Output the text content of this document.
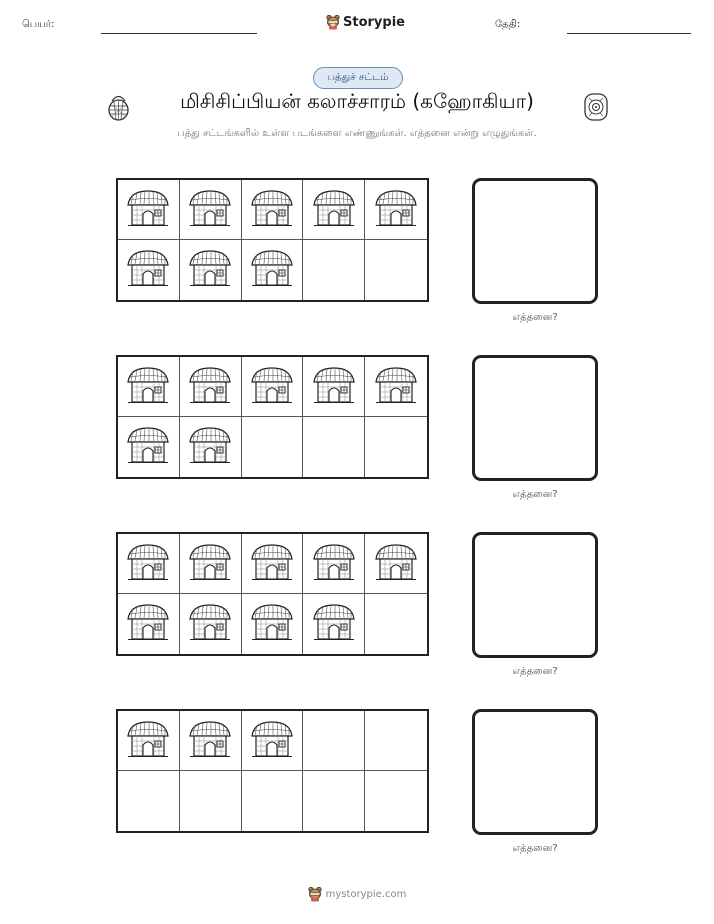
பெயர்:	Storypie	தேதி:
பத்துச் சட்டம்
மிசிசிப்பியன் கலாச்சாரம் (கஹோகியா)
பத்து சட்டங்களில் உள்ள படங்களை எண்ணுங்கள். எத்தனை என்று எழுதுங்கள்.
எத்தனை?
எத்தனை?
எத்தனை?
எத்தனை?
mystorypie.com
